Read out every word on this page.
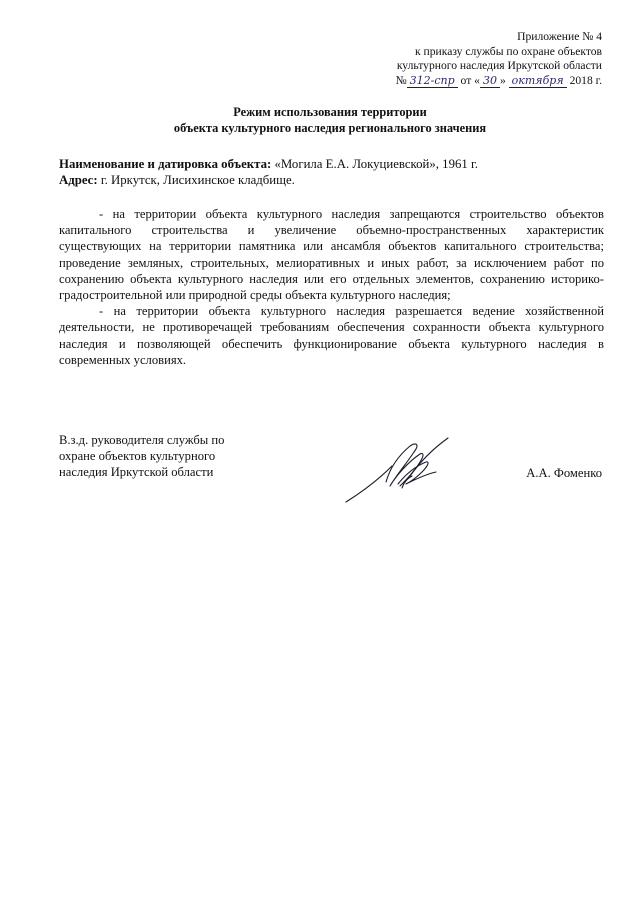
Приложение № 4
к приказу службы по охране объектов
культурного наследия Иркутской области
№ 312-спр от « 30 » октября 2018 г.
Режим использования территории
объекта культурного наследия регионального значения
Наименование и датировка объекта: «Могила Е.А. Локуциевской», 1961 г.
Адрес: г. Иркутск, Лисихинское кладбище.

- на территории объекта культурного наследия запрещаются строительство объектов капитального строительства и увеличение объемно-пространственных характеристик существующих на территории памятника или ансамбля объектов капитального строительства; проведение земляных, строительных, мелиоративных и иных работ, за исключением работ по сохранению объекта культурного наследия или его отдельных элементов, сохранению историко-градостроительной или природной среды объекта культурного наследия;

- на территории объекта культурного наследия разрешается ведение хозяйственной деятельности, не противоречащей требованиям обеспечения сохранности объекта культурного наследия и позволяющей обеспечить функционирование объекта культурного наследия в современных условиях.

В.з.д. руководителя службы по
охране объектов культурного
наследия Иркутской области	А.А. Фоменко
